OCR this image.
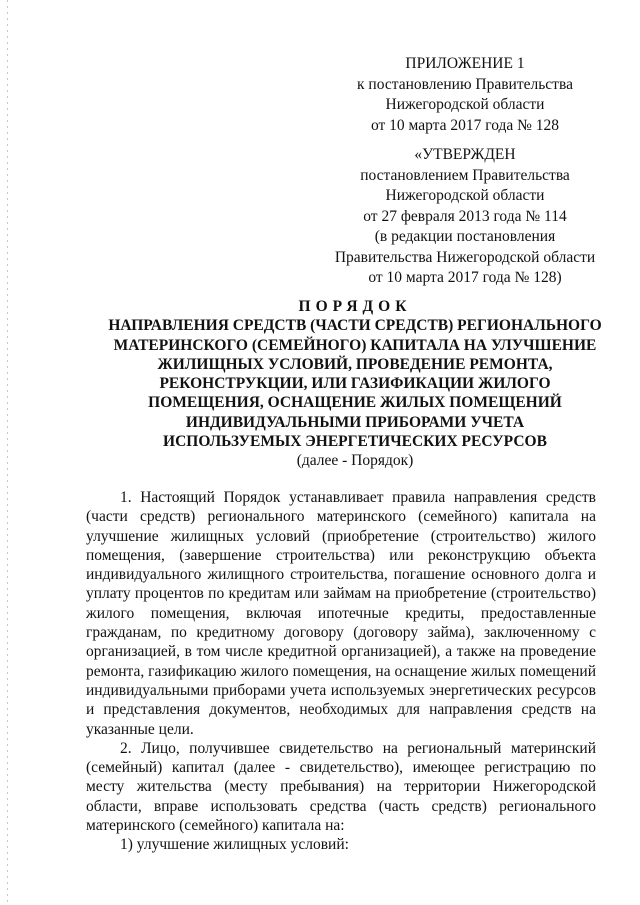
ПРИЛОЖЕНИЕ 1
к постановлению Правительства
Нижегородской области
от 10 марта 2017 года № 128
«УТВЕРЖДЕН
постановлением Правительства
Нижегородской области
от 27 февраля 2013 года № 114
(в редакции постановления
Правительства Нижегородской области
от 10 марта 2017 года № 128)
ПОРЯДОК
НАПРАВЛЕНИЯ СРЕДСТВ (ЧАСТИ СРЕДСТВ) РЕГИОНАЛЬНОГО
МАТЕРИНСКОГО (СЕМЕЙНОГО) КАПИТАЛА НА УЛУЧШЕНИЕ
ЖИЛИЩНЫХ УСЛОВИЙ, ПРОВЕДЕНИЕ РЕМОНТА,
РЕКОНСТРУКЦИИ, ИЛИ ГАЗИФИКАЦИИ ЖИЛОГО
ПОМЕЩЕНИЯ, ОСНАЩЕНИЕ ЖИЛЫХ ПОМЕЩЕНИЙ
ИНДИВИДУАЛЬНЫМИ ПРИБОРАМИ УЧЕТА
ИСПОЛЬЗУЕМЫХ ЭНЕРГЕТИЧЕСКИХ РЕСУРСОВ
(далее - Порядок)

1. Настоящий Порядок устанавливает правила направления средств (части средств) регионального материнского (семейного) капитала на улучшение жилищных условий (приобретение (строительство) жилого помещения, (завершение строительства) или реконструкцию объекта индивидуального жилищного строительства, погашение основного долга и уплату процентов по кредитам или займам на приобретение (строительство) жилого помещения, включая ипотечные кредиты, предоставленные гражданам, по кредитному договору (договору займа), заключенному с организацией, в том числе кредитной организацией), а также на проведение ремонта, газификацию жилого помещения, на оснащение жилых помещений индивидуальными приборами учета используемых энергетических ресурсов и представления документов, необходимых для направления средств на указанные цели.

2. Лицо, получившее свидетельство на региональный материнский (семейный) капитал (далее - свидетельство), имеющее регистрацию по месту жительства (месту пребывания) на территории Нижегородской области, вправе использовать средства (часть средств) регионального материнского (семейного) капитала на:

1) улучшение жилищных условий:
